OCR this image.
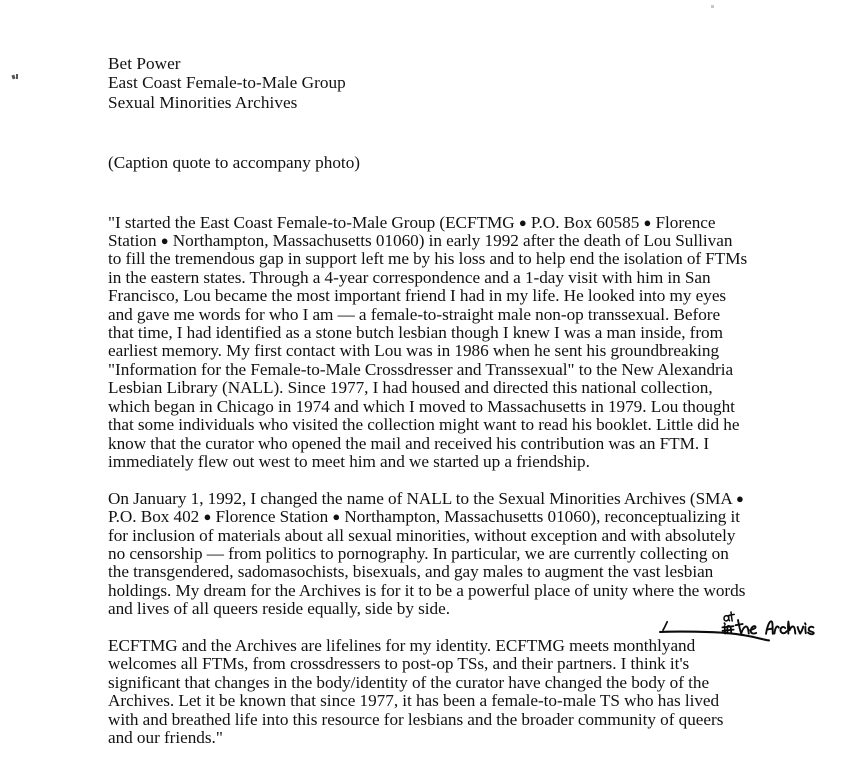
Bet Power
East Coast Female-to-Male Group
Sexual Minorities Archives
(Caption quote to accompany photo)

"I started the East Coast Female-to-Male Group (ECFTMG ● P.O. Box 60585 ● Florence Station ● Northampton, Massachusetts 01060) in early 1992 after the death of Lou Sullivan to fill the tremendous gap in support left me by his loss and to help end the isolation of FTMs in the eastern states. Through a 4-year correspondence and a 1-day visit with him in San Francisco, Lou became the most important friend I had in my life. He looked into my eyes and gave me words for who I am — a female-to-straight male non-op transsexual. Before that time, I had identified as a stone butch lesbian though I knew I was a man inside, from earliest memory. My first contact with Lou was in 1986 when he sent his groundbreaking "Information for the Female-to-Male Crossdresser and Transsexual" to the New Alexandria Lesbian Library (NALL). Since 1977, I had housed and directed this national collection, which began in Chicago in 1974 and which I moved to Massachusetts in 1979. Lou thought that some individuals who visited the collection might want to read his booklet. Little did he know that the curator who opened the mail and received his contribution was an FTM. I immediately flew out west to meet him and we started up a friendship.

On January 1, 1992, I changed the name of NALL to the Sexual Minorities Archives (SMA ● P.O. Box 402 ● Florence Station ● Northampton, Massachusetts 01060), reconceptualizing it for inclusion of materials about all sexual minorities, without exception and with absolutely no censorship — from politics to pornography. In particular, we are currently collecting on the transgendered, sadomasochists, bisexuals, and gay males to augment the vast lesbian holdings. My dream for the Archives is for it to be a powerful place of unity where the words and lives of all queers reside equally, side by side.

ECFTMG and the Archives are lifelines for my identity. ECFTMG meets monthlyand welcomes all FTMs, from crossdressers to post-op TSs, and their partners. I think it's significant that changes in the body/identity of the curator have changed the body of the Archives. Let it be known that since 1977, it has been a female-to-male TS who has lived with and breathed life into this resource for lesbians and the broader community of queers and our friends."
